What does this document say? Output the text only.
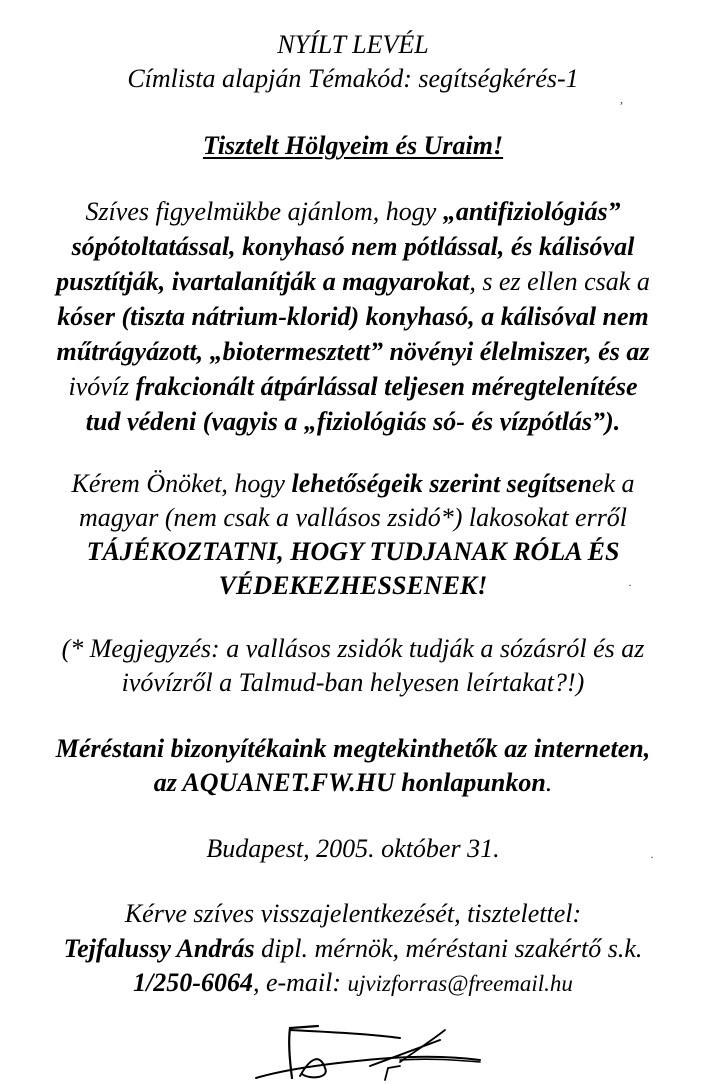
NYÍLT LEVÉL
Címlista alapján Témakód: segítségkérés-1
Tisztelt Hölgyeim és Uraim!
Szíves figyelmükbe ajánlom, hogy „antifiziológiás”
sópótoltatással, konyhasó nem pótlással, és kálisóval
pusztítják, ivartalanítják a magyarokat, s ez ellen csak a
kóser (tiszta nátrium-klorid) konyhasó, a kálisóval nem
műtrágyázott, „biotermesztett” növényi élelmiszer, és az
ivóvíz frakcionált átpárlással teljesen méregtelenítése
tud védeni (vagyis a „fiziológiás só- és vízpótlás”).
Kérem Önöket, hogy lehetőségeik szerint segítsenek a
magyar (nem csak a vallásos zsidó*) lakosokat erről
TÁJÉKOZTATNI, HOGY TUDJANAK RÓLA ÉS
VÉDEKEZHESSENEK!
(* Megjegyzés: a vallásos zsidók tudják a sózásról és az
ivóvízről a Talmud-ban helyesen leírtakat?!)
Méréstani bizonyítékaink megtekinthetők az interneten,
az AQUANET.FW.HU honlapunkon.
Budapest, 2005. október 31.
Kérve szíves visszajelentkezését, tisztelettel:
Tejfalussy András dipl. mérnök, méréstani szakértő s.k.
1/250-6064, e-mail: ujvizforras@freemail.hu
,
·
·
